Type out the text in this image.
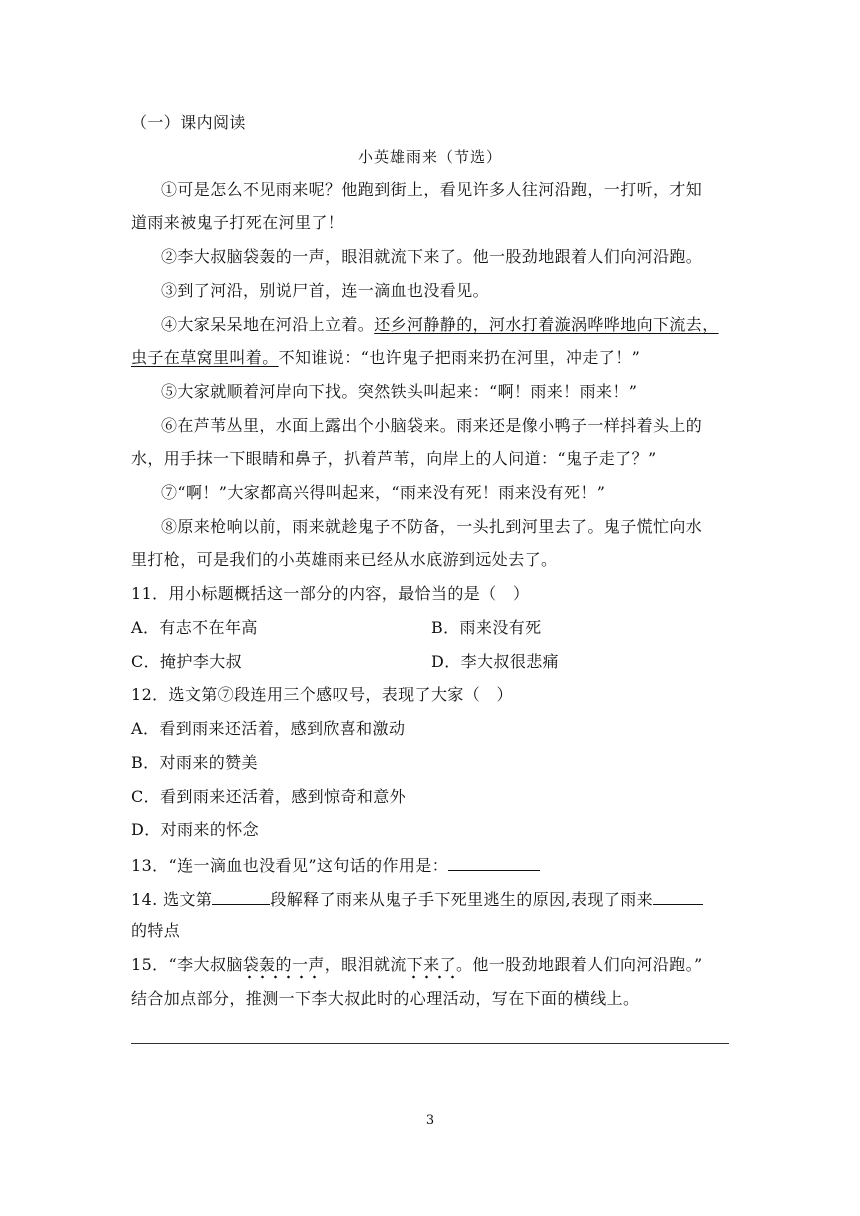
（一）课内阅读
小英雄雨来（节选）
①可是怎么不见雨来呢？他跑到街上，看见许多人往河沿跑，一打听，才知
道雨来被鬼子打死在河里了！
②李大叔脑袋轰的一声，眼泪就流下来了。他一股劲地跟着人们向河沿跑。
③到了河沿，别说尸首，连一滴血也没看见。
④大家呆呆地在河沿上立着。还乡河静静的，河水打着漩涡哗哗地向下流去，
虫子在草窝里叫着。不知谁说：“也许鬼子把雨来扔在河里，冲走了！”
⑤大家就顺着河岸向下找。突然铁头叫起来：“啊！雨来！雨来！”
⑥在芦苇丛里，水面上露出个小脑袋来。雨来还是像小鸭子一样抖着头上的
水，用手抹一下眼睛和鼻子，扒着芦苇，向岸上的人问道：“鬼子走了？”
⑦“啊！”大家都高兴得叫起来，“雨来没有死！雨来没有死！”
⑧原来枪响以前，雨来就趁鬼子不防备，一头扎到河里去了。鬼子慌忙向水
里打枪，可是我们的小英雄雨来已经从水底游到远处去了。
11．用小标题概括这一部分的内容，最恰当的是（　）
A．有志不在年高	B．雨来没有死
C．掩护李大叔	D．李大叔很悲痛
12．选文第⑦段连用三个感叹号，表现了大家（　）
A．看到雨来还活着，感到欣喜和激动
B．对雨来的赞美
C．看到雨来还活着，感到惊奇和意外
D．对雨来的怀念
13．“连一滴血也没看见”这句话的作用是：
14. 选文第	段解释了雨来从鬼子手下死里逃生的原因,表现了雨来
的特点
15．“李大叔脑袋轰的一声，眼泪就流下来了。他一股劲地跟着人们向河沿跑。”
结合加点部分，推测一下李大叔此时的心理活动，写在下面的横线上。
3
